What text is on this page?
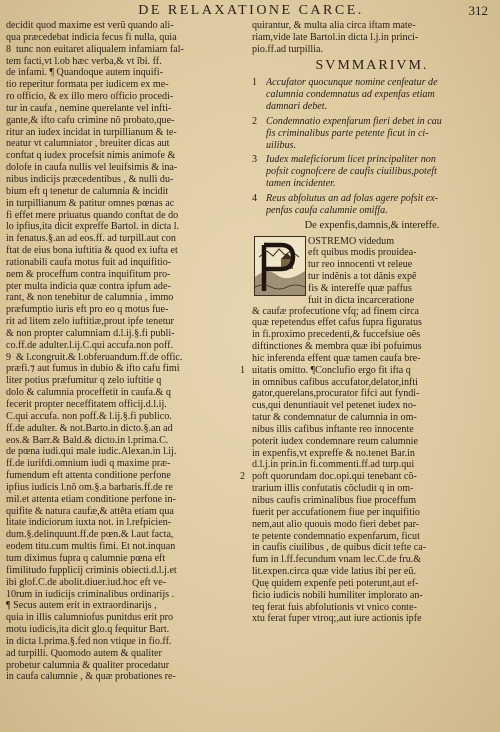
DE RELAXATIONE CARCE.	312
decidit quod maxime est verũ quando ali-
qua præcedebat indicia fecus fi nulla, quia
8 tunc non euitaret aliqualem infamiam fal-
tem facti,vt l.ob hæc verba,& vt ĩbi. ff.
de infami. ¶ Quandoque autem inquifi-
tio reperitur formata per iudicem ex me-
ro officio, & ex illo mero officio procedi-
tur in caufa , nemine querelante vel infti-
gante,& ifto cafu crimine nõ probato,que-
ritur an iudex incidat in turpillianum & te-
neatur vt calumniator , breuiter dicas aut
conftat q iudex procefsit nimis animofe &
dolofe in caufa nullis vel leuifsimis & ina-
nibus indicijs præcedentibus , & nulli du-
bium eft q tenetur de calumnia & incidit
in turpillianum & patitur omnes pœnas ac
fi effet mere priuatus quando conftat de do
lo ipfius,ita dicit expreffe Bartol. in dicta l.
in fenatus.§.an ad eos.ff. ad turpill.aut con
ftat de eius bona iuftitia & quod ex iufta et
rationabili caufa motus fuit ad inquifitio-
nem & proceffum contra inquifitum pro-
pter multa indicia quæ contra ipfum ade-
rant, & non tenebitur de calumnia , immo
præfumptio iuris eft pro eo q motus fue-
rit ad litem zelo iuftitiæ,prout ipfe tenetur
& non propter calumniam d.l.ij.§.fi publi-
co.ff.de adulter.l.ij.C.qui accufa.non poff.
9 & l.congruit.& l.obferuandum.ff.de offic.
præfi.⁊ aut fumus in dubio & ifto cafu fimi
liter potius præfumitur q zelo iuftitie q
dolo & calumnia proceffetit in caufa.& q
fecerit propter neceffitatem officij.d.l.ij.
C.qui accufa. non poff.& l.ij.§.fi publico.
ff.de adulter. & not.Barto.in dicto.§.an ad
eos.& Barr.& Bald.& dicto.in l.prima.C.
de pœna iudi.qui male iudic.Alexan.in l.ij.
ff.de iurifdi.omnium iudi q maxime præ-
fumendum eft attenta conditione perfone
ipfius iudicis l.nõ om.§.a barbaris.ff.de re
mil.et attenta etiam conditione perfone in-
quifite & natura caufæ,& attêta etiam qua
litate indiciorum iuxta not. in l.refpicien-
dum.§.delinquunt.ff.de pœn.& l.aut facta,
eodem titu.cum multis fimi. Et not.inquan
tum diximus fupra q calumnie pœna eft
fimilitudo fupplicij criminis obiecti.d.l.j.et
ibi glof.C.de abolit.diuer.iud.hoc eft ve-
10rum in iudicijs criminalibus ordinarijs .
¶ Secus autem erit in extraordinarijs ,
quia in illis calumniofus punitdus erit pro
motu iudicis,ita dicit glo.q fequitur Bart.
in dicta l.prima.§.fed non vtique in fio.ff.
ad turpilli. Quomodo autem & qualiter
probetur calumnia & qualiter procedatur
in caufa calumnie , & quæ probationes re-
quirantur, & multa alia circa iftam mate-
riam,vide late Bartol.in dicta l.j.in princi-
pio.ff.ad turpillia.
SVMMARIVM.
1 Accufator quocunque nomine cenfeatur de
calumnia condemnatus ad expenfas etiam
damnari debet.
2 Condemnatio expenfarum fieri debet in cau
fis criminalibus parte petente ficut in ci-
uilibus.
3 Iudex maleficiorum licet principaliter non
pofsit cognofcere de caufis ciuilibus,poteft
tamen incidenter.
4 Reus abfolutus an ad folas agere pofsit ex-
penfas caufa calumnie omiffa.
De expenfis,damnis,& intereffe.
OSTREMO videdum
eft quibus modis prouidea-
tur reo innocenti vt releue
tur indẽnis a tot dãnis expẽ
fis & intereffe quæ paffus
fuit in dicta incarceratione
& caufæ profecutione vfq; ad finem circa
quæ repetendus effet cafus fupra figuratus
in fi.proximo precedenti,& fuccefsiue oẽs
diftinctiones & membra quæ ibi pofuimus
hic inferenda effent quæ tamen caufa bre-
1 uitatis omitto. ¶Conclufio ergo fit ifta q
in omnibus cafibus accufator,delator,infti
gator,querelans,procurator fifci aut fyndi-
cus,qui denuntiauit vel petenet iudex no-
tatur & condemnatur de calumnia in om-
nibus illis cafibus inftante reo innocente
poterit iudex condemnare reum calumnie
in expenfis,vt expreffe & no.tenet Bar.in
d.l.j.in prin.in fi.commenti.ff.ad turp.qui
2 poft quorundam doc.opi.qui tenebant cõ-
trarium illis confutatis cõcludit q in om-
nibus caufis criminalibus fiue proceffum
fuerit per accufationem fiue per inquifitio
nem,aut alio quouis modo fieri debet par-
te petente condemnatio expenfarum, ficut
in caufis ciuilibus , de quibus dicit tefte ca-
fum in l.ff.fecundum vnam lec.C.de fru.&
lit.expen.circa quæ vide latius ibi per eũ.
Quę quidem expenfe peti poterunt,aut ef-
ficio iudicis nobili humiliter implorato an-
teq ferat fuis abfolutionis vt vnico conte-
xtu ferat fuper vtroq;,aut iure actionis ipfe
